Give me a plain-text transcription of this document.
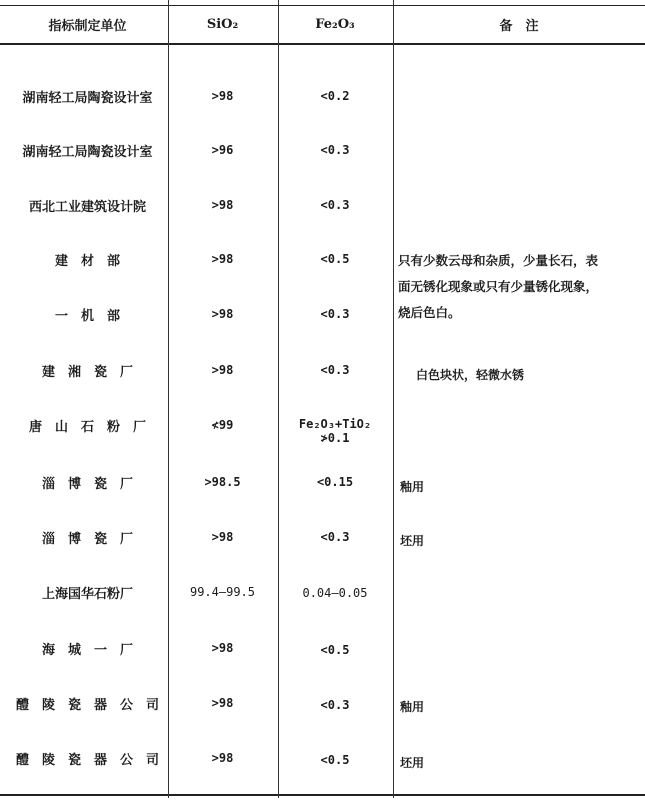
指标制定单位	SiO₂	Fe₂O₃	备　注
湖南轻工局陶瓷设计室	>98	<0.2
湖南轻工局陶瓷设计室	>96	<0.3
西北工业建筑设计院	>98	<0.3
建　材　部	>98	<0.5	只有少数云母和杂质，少量长石，表
面无锈化现象或只有少量锈化现象，
烧后色白。
一　机　部	>98	<0.3
建　湘　瓷　厂	>98	<0.3	白色块状，轻微水锈
唐　山　石　粉　厂	≮99	Fe₂O₃+TiO₂
≯0.1
淄　博　瓷　厂	>98.5	<0.15	釉用
淄　博　瓷　厂	>98	<0.3	坯用
上海国华石粉厂	99.4—99.5	0.04—0.05
海　城　一　厂	>98	<0.5
醴　陵　瓷　器　公　司	>98	<0.3	釉用
醴　陵　瓷　器　公　司	>98	<0.5	坯用
